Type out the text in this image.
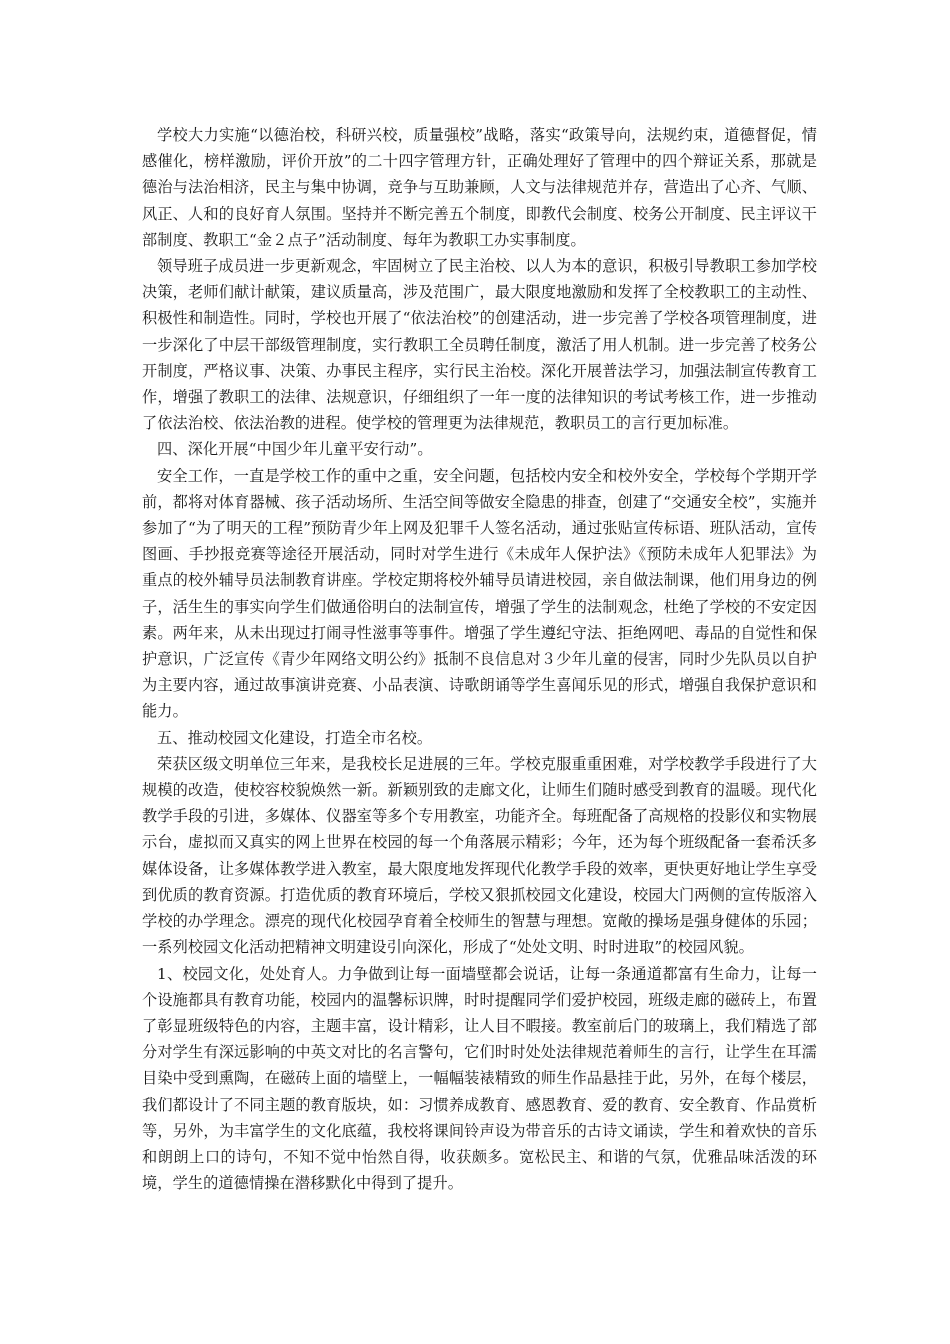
学校大力实施“以德治校，科研兴校，质量强校”战略，落实“政策导向，法规约束，道德督促，情感催化，榜样激励，评价开放”的二十四字管理方针，正确处理好了管理中的四个辩证关系，那就是德治与法治相济，民主与集中协调，竞争与互助兼顾，人文与法律规范并存，营造出了心齐、气顺、风正、人和的良好育人氛围。坚持并不断完善五个制度，即教代会制度、校务公开制度、民主评议干部制度、教职工“金２点子”活动制度、每年为教职工办实事制度。

领导班子成员进一步更新观念，牢固树立了民主治校、以人为本的意识，积极引导教职工参加学校决策，老师们献计献策，建议质量高，涉及范围广，最大限度地激励和发挥了全校教职工的主动性、积极性和制造性。同时，学校也开展了“依法治校”的创建活动，进一步完善了学校各项管理制度，进一步深化了中层干部级管理制度，实行教职工全员聘任制度，激活了用人机制。进一步完善了校务公开制度，严格议事、决策、办事民主程序，实行民主治校。深化开展普法学习，加强法制宣传教育工作，增强了教职工的法律、法规意识，仔细组织了一年一度的法律知识的考试考核工作，进一步推动了依法治校、依法治教的进程。使学校的管理更为法律规范，教职员工的言行更加标准。

四、深化开展“中国少年儿童平安行动”。

安全工作，一直是学校工作的重中之重，安全问题，包括校内安全和校外安全，学校每个学期开学前，都将对体育器械、孩子活动场所、生活空间等做安全隐患的排查，创建了“交通安全校”，实施并参加了“为了明天的工程”预防青少年上网及犯罪千人签名活动，通过张贴宣传标语、班队活动，宣传图画、手抄报竞赛等途径开展活动，同时对学生进行《未成年人保护法》《预防未成年人犯罪法》为重点的校外辅导员法制教育讲座。学校定期将校外辅导员请进校园，亲自做法制课，他们用身边的例子，活生生的事实向学生们做通俗明白的法制宣传，增强了学生的法制观念，杜绝了学校的不安定因素。两年来，从未出现过打闹寻性滋事等事件。增强了学生遵纪守法、拒绝网吧、毒品的自觉性和保护意识，广泛宣传《青少年网络文明公约》抵制不良信息对３少年儿童的侵害，同时少先队员以自护为主要内容，通过故事演讲竞赛、小品表演、诗歌朗诵等学生喜闻乐见的形式，增强自我保护意识和能力。

五、推动校园文化建设，打造全市名校。

荣获区级文明单位三年来，是我校长足进展的三年。学校克服重重困难，对学校教学手段进行了大规模的改造，使校容校貌焕然一新。新颖别致的走廊文化，让师生们随时感受到教育的温暖。现代化教学手段的引进，多媒体、仪器室等多个专用教室，功能齐全。每班配备了高规格的投影仪和实物展示台，虚拟而又真实的网上世界在校园的每一个角落展示精彩；今年，还为每个班级配备一套希沃多媒体设备，让多媒体教学进入教室，最大限度地发挥现代化教学手段的效率，更快更好地让学生享受到优质的教育资源。打造优质的教育环境后，学校又狠抓校园文化建设，校园大门两侧的宣传版溶入学校的办学理念。漂亮的现代化校园孕育着全校师生的智慧与理想。宽敞的操场是强身健体的乐园；一系列校园文化活动把精神文明建设引向深化，形成了“处处文明、时时进取”的校园风貌。

1、校园文化，处处育人。力争做到让每一面墙壁都会说话，让每一条通道都富有生命力，让每一个设施都具有教育功能，校园内的温馨标识牌，时时提醒同学们爱护校园，班级走廊的磁砖上，布置了彰显班级特色的内容，主题丰富，设计精彩，让人目不暇接。教室前后门的玻璃上，我们精选了部分对学生有深远影响的中英文对比的名言警句，它们时时处处法律规范着师生的言行，让学生在耳濡目染中受到熏陶，在磁砖上面的墙壁上，一幅幅装裱精致的师生作品悬挂于此，另外，在每个楼层，我们都设计了不同主题的教育版块，如：习惯养成教育、感恩教育、爱的教育、安全教育、作品赏析等，另外，为丰富学生的文化底蕴，我校将课间铃声设为带音乐的古诗文诵读，学生和着欢快的音乐和朗朗上口的诗句，不知不觉中怡然自得，收获颇多。宽松民主、和谐的气氛，优雅品味活泼的环境，学生的道德情操在潜移默化中得到了提升。
